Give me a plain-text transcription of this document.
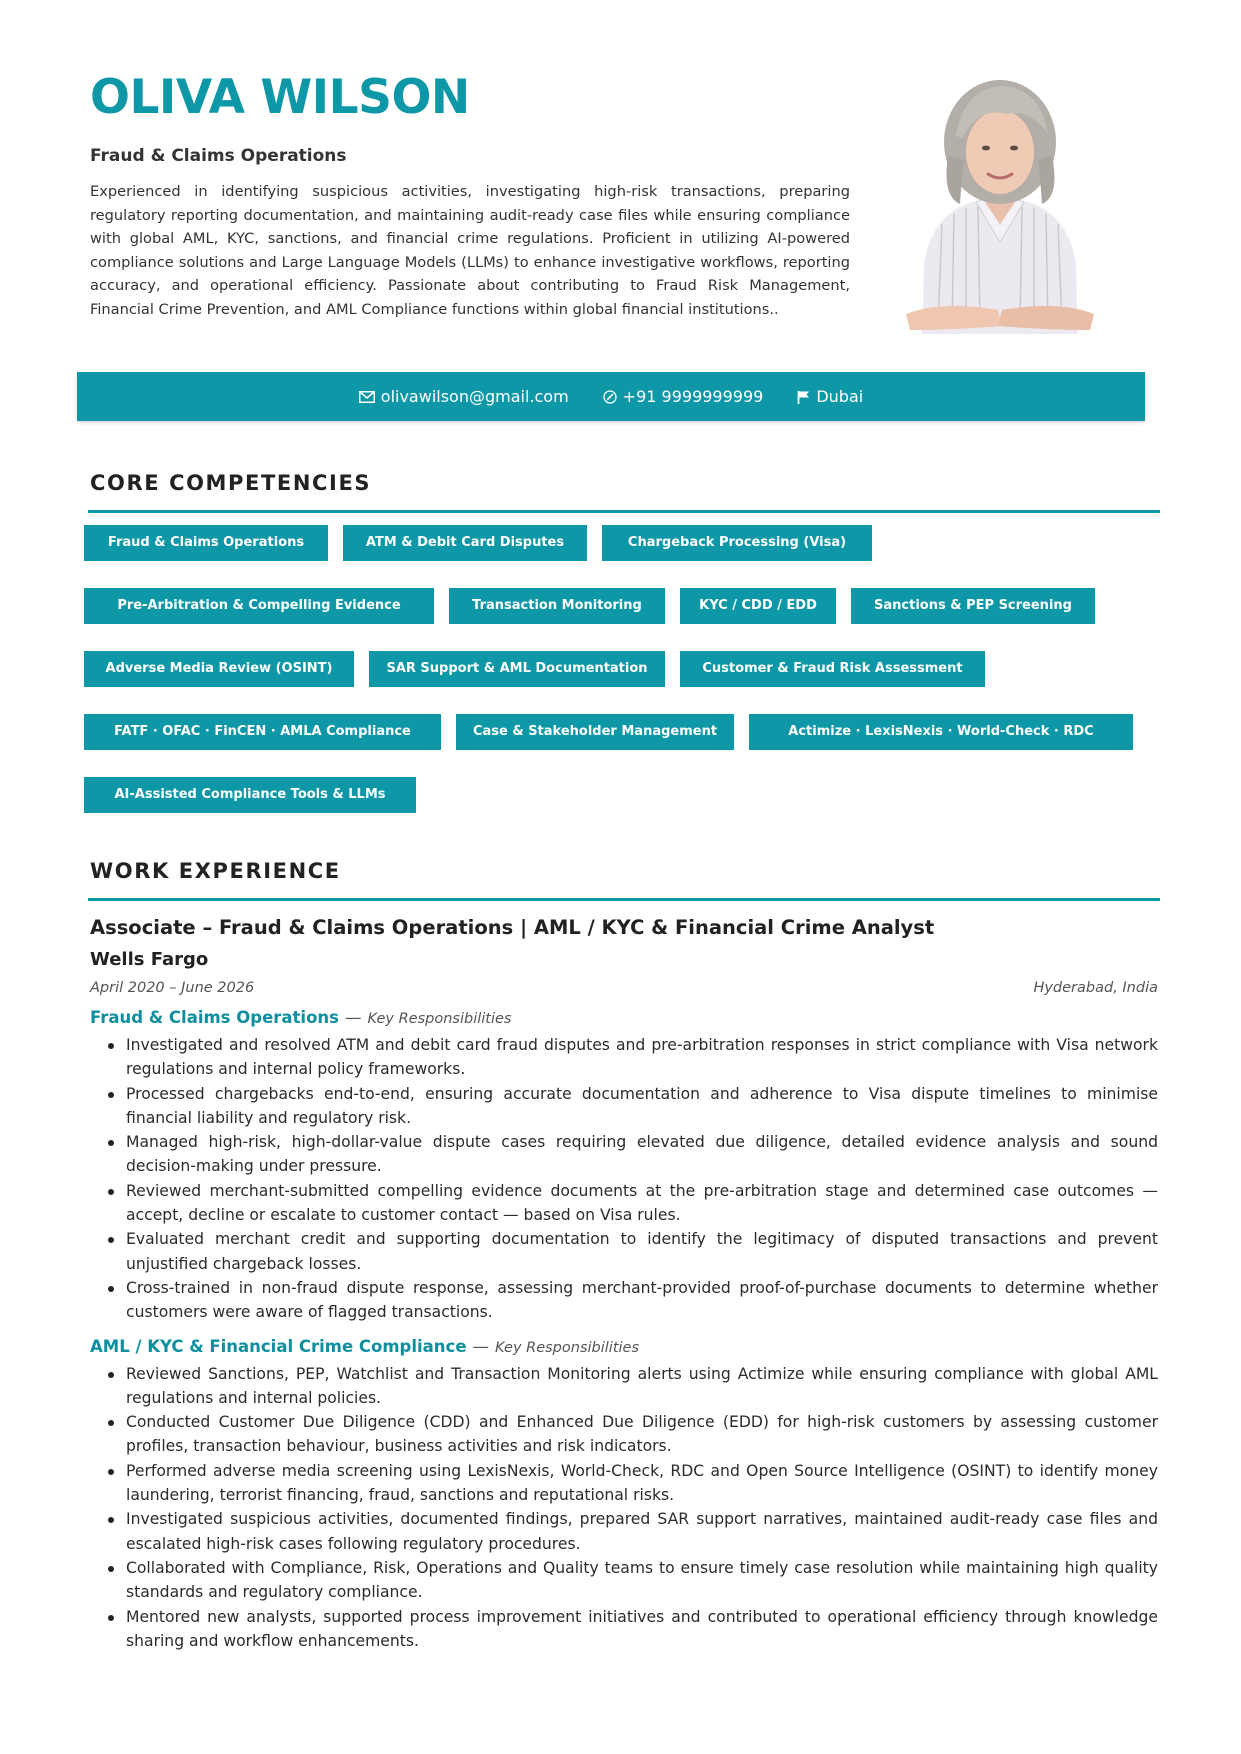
OLIVA WILSON

Fraud & Claims Operations

Experienced in identifying suspicious activities, investigating high-risk transactions, preparing regulatory reporting documentation, and maintaining audit-ready case files while ensuring compliance with global AML, KYC, sanctions, and financial crime regulations. Proficient in utilizing AI-powered compliance solutions and Large Language Models (LLMs) to enhance investigative workflows, reporting accuracy, and operational efficiency. Passionate about contributing to Fraud Risk Management, Financial Crime Prevention, and AML Compliance functions within global financial institutions..

olivawilson@gmail.com	+91 9999999999	Dubai
CORE COMPETENCIES
Fraud & Claims Operations	ATM & Debit Card Disputes	Chargeback Processing (Visa)
Pre-Arbitration & Compelling Evidence	Transaction Monitoring	KYC / CDD / EDD	Sanctions & PEP Screening
Adverse Media Review (OSINT)	SAR Support & AML Documentation	Customer & Fraud Risk Assessment
FATF · OFAC · FinCEN · AMLA Compliance	Case & Stakeholder Management	Actimize · LexisNexis · World-Check · RDC
AI-Assisted Compliance Tools & LLMs
WORK EXPERIENCE

Associate – Fraud & Claims Operations | AML / KYC & Financial Crime Analyst

Wells Fargo

April 2020 – June 2026	Hyderabad, India
Fraud & Claims Operations — Key Responsibilities
Investigated and resolved ATM and debit card fraud disputes and pre-arbitration responses in strict compliance with Visa network regulations and internal policy frameworks.
Processed chargebacks end-to-end, ensuring accurate documentation and adherence to Visa dispute timelines to minimise financial liability and regulatory risk.
Managed high-risk, high-dollar-value dispute cases requiring elevated due diligence, detailed evidence analysis and sound decision-making under pressure.
Reviewed merchant-submitted compelling evidence documents at the pre-arbitration stage and determined case outcomes — accept, decline or escalate to customer contact — based on Visa rules.
Evaluated merchant credit and supporting documentation to identify the legitimacy of disputed transactions and prevent unjustified chargeback losses.
Cross-trained in non-fraud dispute response, assessing merchant-provided proof-of-purchase documents to determine whether customers were aware of flagged transactions.
AML / KYC & Financial Crime Compliance — Key Responsibilities
Reviewed Sanctions, PEP, Watchlist and Transaction Monitoring alerts using Actimize while ensuring compliance with global AML regulations and internal policies.
Conducted Customer Due Diligence (CDD) and Enhanced Due Diligence (EDD) for high-risk customers by assessing customer profiles, transaction behaviour, business activities and risk indicators.
Performed adverse media screening using LexisNexis, World-Check, RDC and Open Source Intelligence (OSINT) to identify money laundering, terrorist financing, fraud, sanctions and reputational risks.
Investigated suspicious activities, documented findings, prepared SAR support narratives, maintained audit-ready case files and escalated high-risk cases following regulatory procedures.
Collaborated with Compliance, Risk, Operations and Quality teams to ensure timely case resolution while maintaining high quality standards and regulatory compliance.
Mentored new analysts, supported process improvement initiatives and contributed to operational efficiency through knowledge sharing and workflow enhancements.
